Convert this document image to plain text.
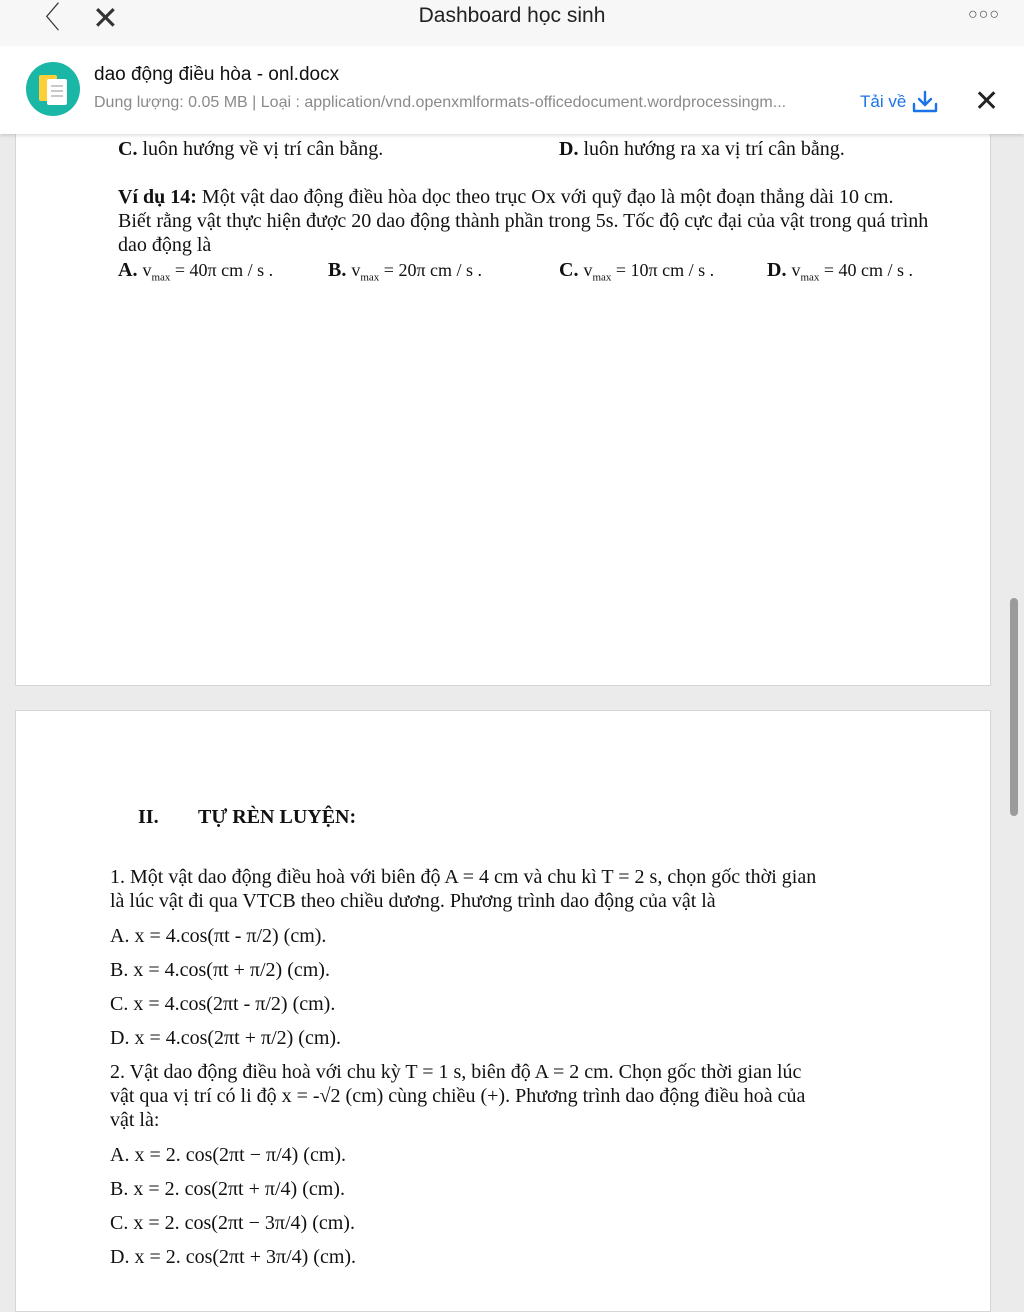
〈 ✕	Dashboard học sinh	○○○
dao động điều hòa - onl.docx
Dung lượng: 0.05 MB | Loại : application/vnd.openxmlformats-officedocument.wordprocessingm...	Tải về ✕
C. luôn hướng về vị trí cân bằng.	D. luôn hướng ra xa vị trí cân bằng.
Ví dụ 14: Một vật dao động điều hòa dọc theo trục Ox với quỹ đạo là một đoạn thẳng dài 10 cm.
Biết rằng vật thực hiện được 20 dao động thành phần trong 5s. Tốc độ cực đại của vật trong quá trình
dao động là
A. $v_{max} = 40\pi$ cm / s .	B. $v_{max} = 20\pi$ cm / s .	C. $v_{max} = 10\pi$ cm / s .	D. $v_{max} = 40$ cm / s .
II. TỰ RÈN LUYỆN:
1. Một vật dao động điều hoà với biên độ A = 4 cm và chu kì T = 2 s, chọn gốc thời gian
là lúc vật đi qua VTCB theo chiều dương. Phương trình dao động của vật là
A. x = 4.cos(πt - π/2) (cm).
B. x = 4.cos(πt + π/2) (cm).
C. x = 4.cos(2πt - π/2) (cm).
D. x = 4.cos(2πt + π/2) (cm).
2. Vật dao động điều hoà với chu kỳ T = 1 s, biên độ A = 2 cm. Chọn gốc thời gian lúc
vật qua vị trí có li độ x = -√2 (cm) cùng chiều (+). Phương trình dao động điều hoà của
vật là:
A. x = 2. cos(2πt − π/4) (cm).
B. x = 2. cos(2πt + π/4) (cm).
C. x = 2. cos(2πt − 3π/4) (cm).
D. x = 2. cos(2πt + 3π/4) (cm).
